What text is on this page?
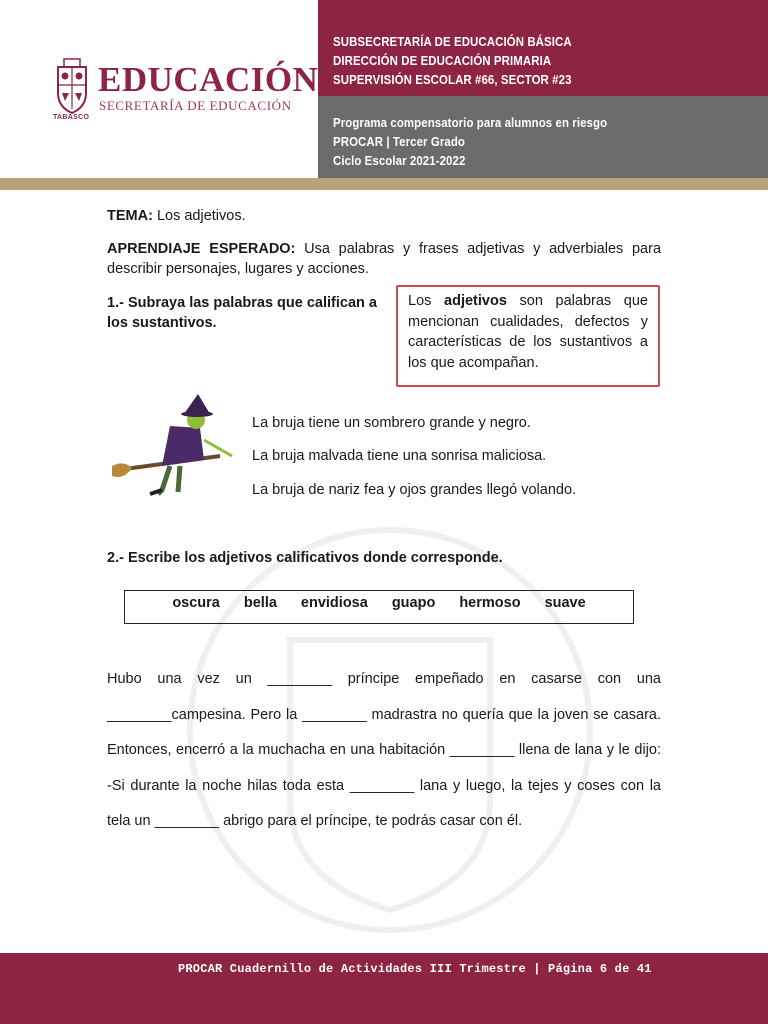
EDUCACIÓN
SECRETARÍA DE EDUCACIÓN
TABASCO
SUBSECRETARÍA DE EDUCACIÓN BÁSICA
DIRECCIÓN DE EDUCACIÓN PRIMARIA
SUPERVISIÓN ESCOLAR #66, SECTOR #23
Programa compensatorio para alumnos en riesgo
PROCAR | Tercer Grado
Ciclo Escolar 2021-2022
TEMA: Los adjetivos.
APRENDIAJE ESPERADO: Usa palabras y frases adjetivas y adverbiales para describir personajes, lugares y acciones.
1.- Subraya las palabras que califican a los sustantivos.
Los adjetivos son palabras que mencionan cualidades, defectos y características de los sustantivos a los que acompañan.
La bruja tiene un sombrero grande y negro.
La bruja malvada tiene una sonrisa maliciosa.
La bruja de nariz fea y ojos grandes llegó volando.
2.- Escribe los adjetivos calificativos donde corresponde.
oscura bella envidiosa guapo hermoso suave

Hubo una vez un ________ príncipe empeñado en casarse con una ________campesina. Pero la ________ madrastra no quería que la joven se casara. Entonces, encerró a la muchacha en una habitación ________ llena de lana y le dijo: -Si durante la noche hilas toda esta ________ lana y luego, la tejes y coses con la tela un ________ abrigo para el príncipe, te podrás casar con él.

PROCAR Cuadernillo de Actividades III Trimestre | Página 6 de 41
